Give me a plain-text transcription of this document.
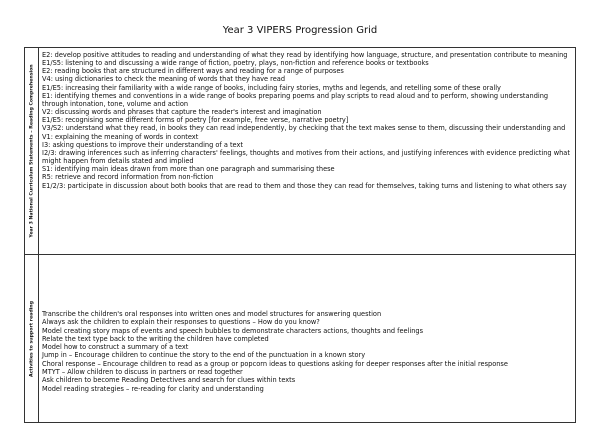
Year 3 VIPERS Progression Grid
Year 3 National Curriculum Statements – Reading Comprehension
E2: develop positive attitudes to reading and understanding of what they read by identifying how language, structure, and presentation contribute to meaning
E1/S5: listening to and discussing a wide range of fiction, poetry, plays, non-fiction and reference books or textbooks
E2: reading books that are structured in different ways and reading for a range of purposes
V4: using dictionaries to check the meaning of words that they have read
E1/E5: increasing their familiarity with a wide range of books, including fairy stories, myths and legends, and retelling some of these orally
E1: identifying themes and conventions in a wide range of books preparing poems and play scripts to read aloud and to perform, showing understanding through intonation, tone, volume and action
V2: discussing words and phrases that capture the reader's interest and imagination
E1/E5: recognising some different forms of poetry [for example, free verse, narrative poetry]
V3/S2: understand what they read, in books they can read independently, by checking that the text makes sense to them, discussing their understanding and V1: explaining the meaning of words in context
I3: asking questions to improve their understanding of a text
I2/3: drawing inferences such as inferring characters' feelings, thoughts and motives from their actions, and justifying inferences with evidence predicting what might happen from details stated and implied
S1: identifying main ideas drawn from more than one paragraph and summarising these
R5: retrieve and record information from non-fiction
E1/2/3: participate in discussion about both books that are read to them and those they can read for themselves, taking turns and listening to what others say
Activities to support reading Transcribe the children's oral responses into written ones and model structures for answering question
Always ask the children to explain their responses to questions – How do you know?
Model creating story maps of events and speech bubbles to demonstrate characters actions, thoughts and feelings
Relate the text type back to the writing the children have completed
Model how to construct a summary of a text
Jump in – Encourage children to continue the story to the end of the punctuation in a known story
Choral response – Encourage children to read as a group or popcorn ideas to questions asking for deeper responses after the initial response
MTYT – Allow children to discuss in partners or read together
Ask children to become Reading Detectives and search for clues within texts
Model reading strategies – re-reading for clarity and understanding
